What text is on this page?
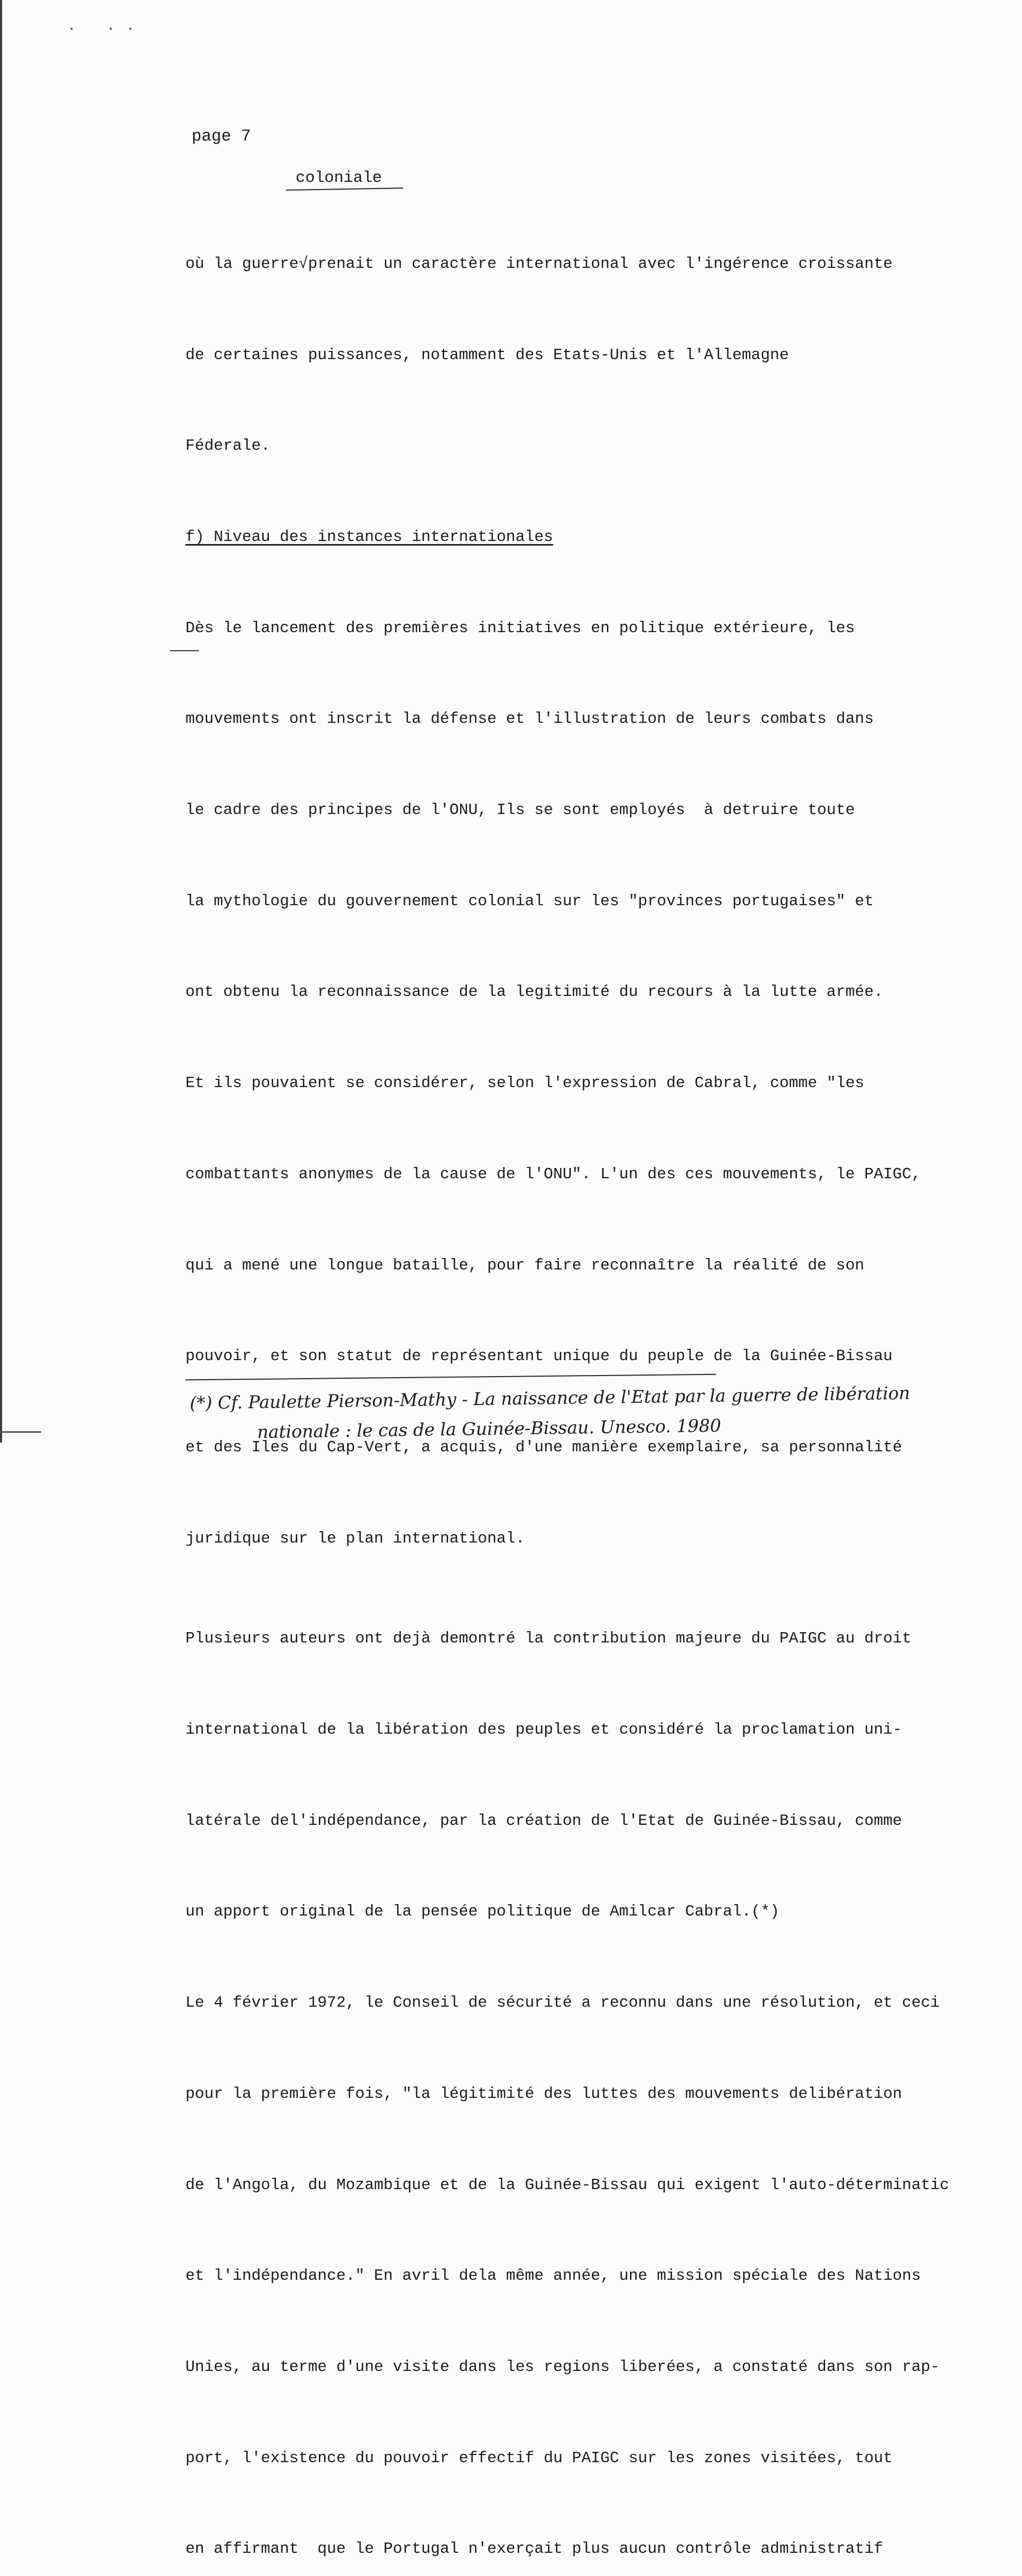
· ··
page 7
coloniale

où la guerre√prenait un caractère international avec l'ingérence croissante

de certaines puissances, notamment des Etats-Unis et l'Allemagne

Féderale.

f) Niveau des instances internationales

Dès le lancement des premières initiatives en politique extérieure, les

mouvements ont inscrit la défense et l'illustration de leurs combats dans

le cadre des principes de l'ONU, Ils se sont employés  à detruire toute

la mythologie du gouvernement colonial sur les "provinces portugaises" et

ont obtenu la reconnaissance de la legitimité du recours à la lutte armée.

Et ils pouvaient se considérer, selon l'expression de Cabral, comme "les

combattants anonymes de la cause de l'ONU". L'un des ces mouvements, le PAIGC,

qui a mené une longue bataille, pour faire reconnaître la réalité de son

pouvoir, et son statut de représentant unique du peuple de la Guinée-Bissau

et des Iles du Cap-Vert, a acquis, d'une manière exemplaire, sa personnalité

juridique sur le plan international.

Plusieurs auteurs ont dejà demontré la contribution majeure du PAIGC au droit

international de la libération des peuples et considéré la proclamation uni-

latérale del'indépendance, par la création de l'Etat de Guinée-Bissau, comme

un apport original de la pensée politique de Amilcar Cabral.(*)

Le 4 février 1972, le Conseil de sécurité a reconnu dans une résolution, et ceci

pour la première fois, "la légitimité des luttes des mouvements delibération

de l'Angola, du Mozambique et de la Guinée-Bissau qui exigent l'auto-déterminatic

et l'indépendance." En avril dela même année, une mission spéciale des Nations

Unies, au terme d'une visite dans les regions liberées, a constaté dans son rap-

port, l'existence du pouvoir effectif du PAIGC sur les zones visitées, tout

en affirmant  que le Portugal n'exerçait plus aucun contrôle administratif

(*) Cf. Paulette Pierson-Mathy - La naissance de l'Etat par la guerre de libération
nationale : le cas de la Guinée-Bissau. Unesco. 1980
